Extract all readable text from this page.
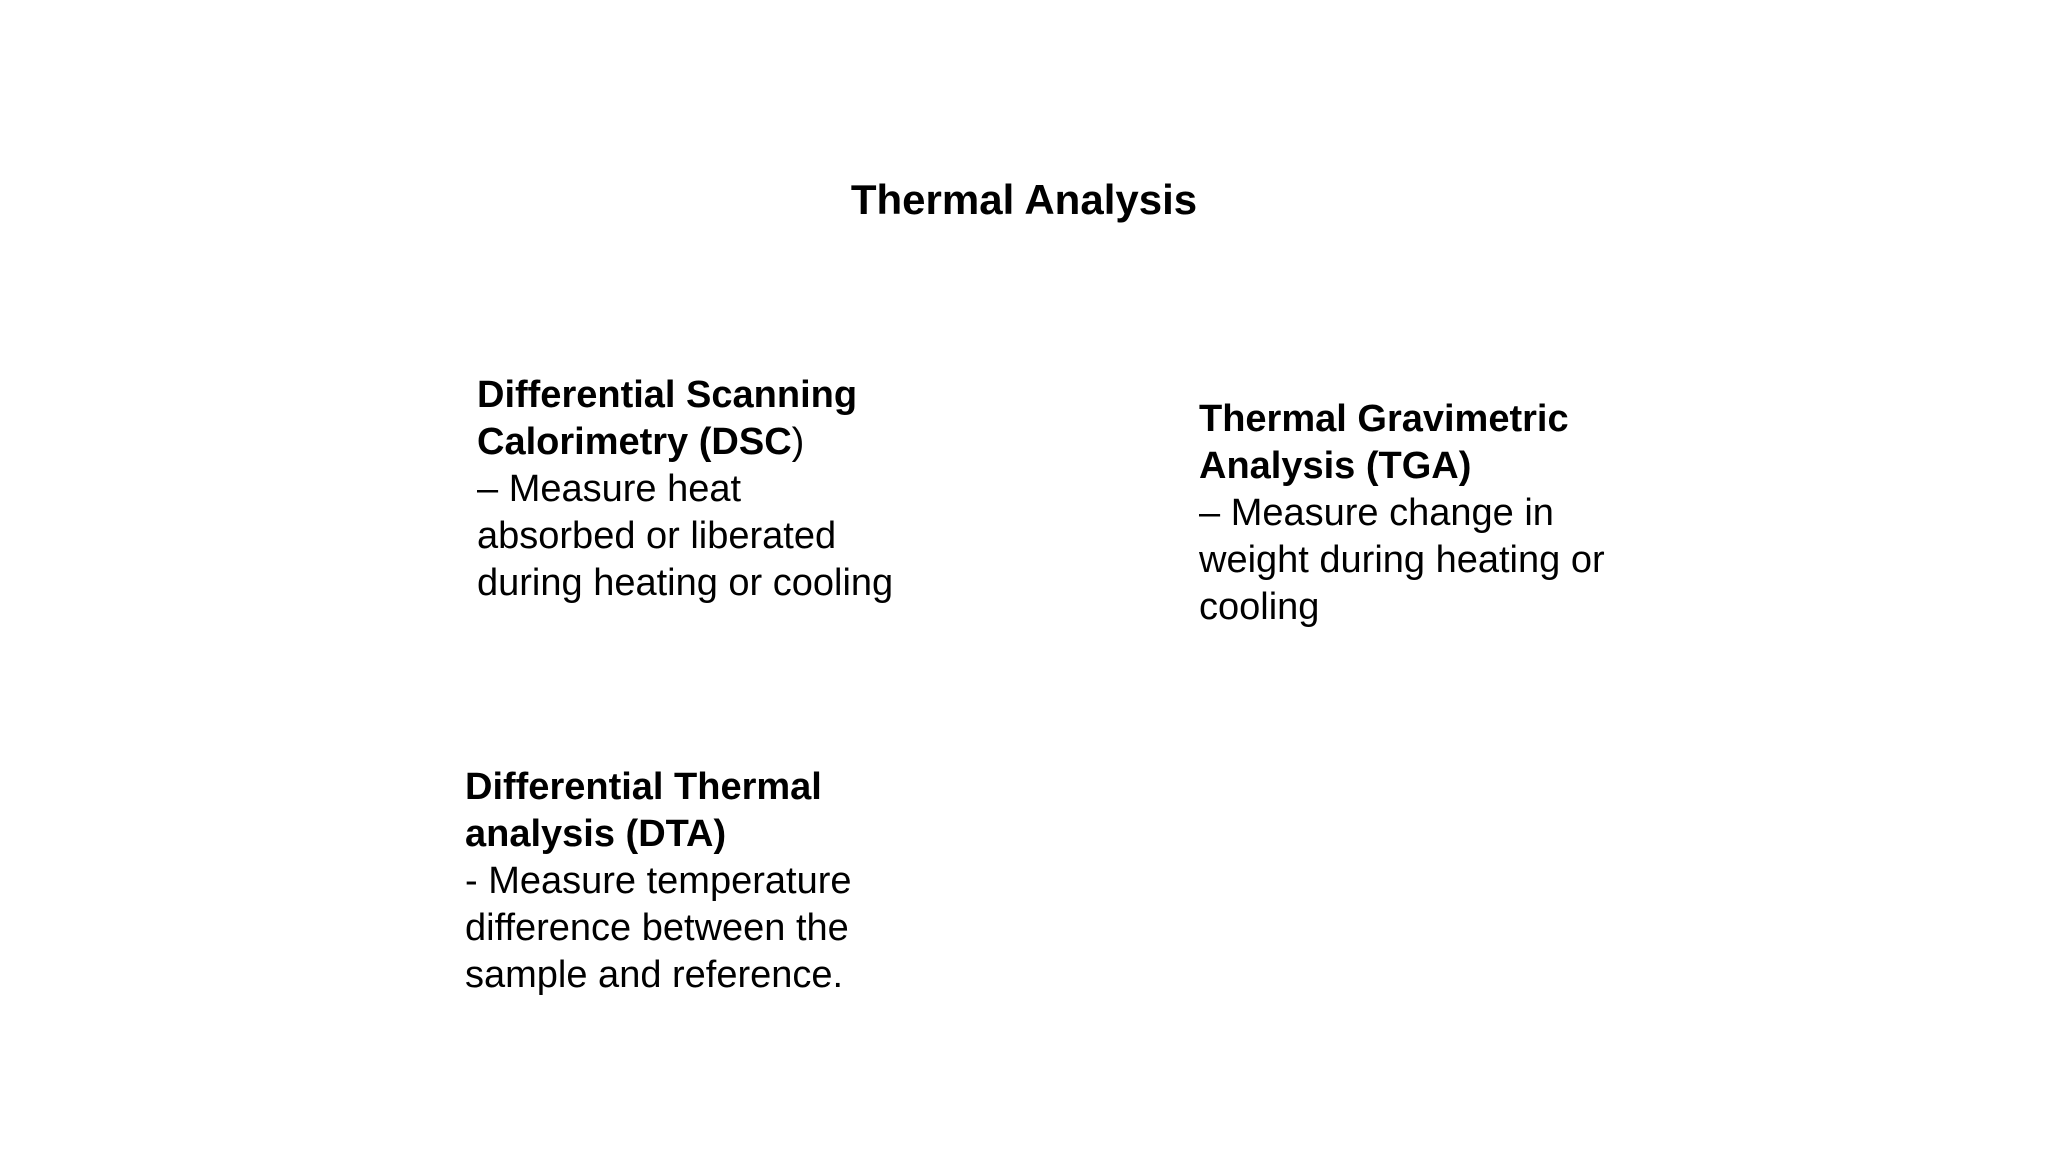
Thermal Analysis
Differential Scanning Calorimetry (DSC)
– Measure heat absorbed or liberated during heating or cooling
Thermal Gravimetric Analysis (TGA)
– Measure change in weight during heating or cooling
Differential Thermal analysis (DTA)
- Measure temperature difference between the sample and reference.
